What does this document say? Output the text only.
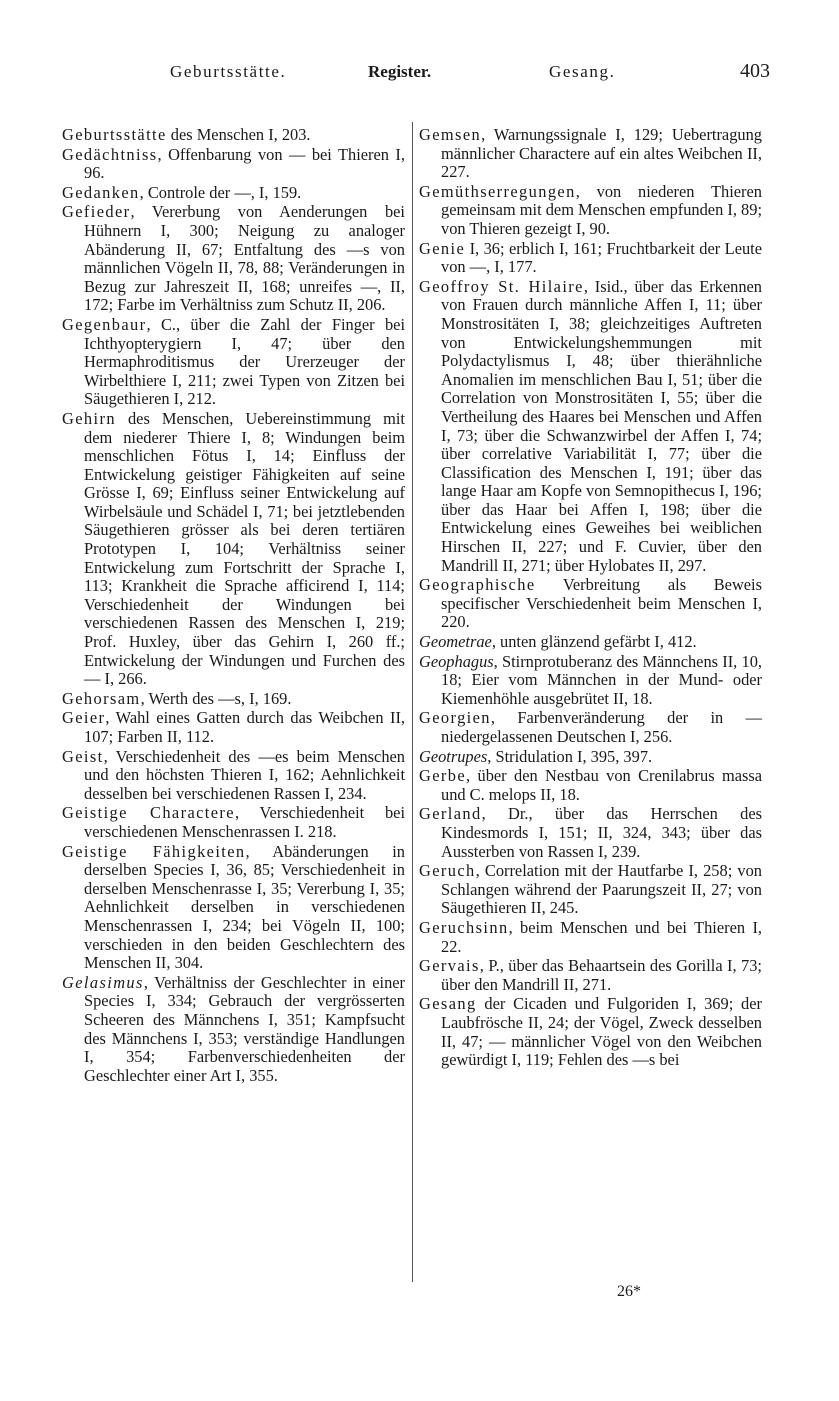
Geburtsstätte.	Register.	Gesang.	403

Geburtsstätte des Menschen I, 203.

Gedächtniss, Offenbarung von — bei Thieren I, 96.

Gedanken, Controle der —, I, 159.

Gefieder, Vererbung von Aenderungen bei Hühnern I, 300; Neigung zu analoger Abänderung II, 67; Entfaltung des —s von männlichen Vögeln II, 78, 88; Veränderungen in Bezug zur Jahreszeit II, 168; unreifes —, II, 172; Farbe im Verhältniss zum Schutz II, 206.

Gegenbaur, C., über die Zahl der Finger bei Ichthyopterygiern I, 47; über den Hermaphroditismus der Urerzeuger der Wirbelthiere I, 211; zwei Typen von Zitzen bei Säugethieren I, 212.

Gehirn des Menschen, Uebereinstimmung mit dem niederer Thiere I, 8; Windungen beim menschlichen Fötus I, 14; Einfluss der Entwickelung geistiger Fähigkeiten auf seine Grösse I, 69; Einfluss seiner Entwickelung auf Wirbelsäule und Schädel I, 71; bei jetztlebenden Säugethieren grösser als bei deren tertiären Prototypen I, 104; Verhältniss seiner Entwickelung zum Fortschritt der Sprache I, 113; Krankheit die Sprache afficirend I, 114; Verschiedenheit der Windungen bei verschiedenen Rassen des Menschen I, 219; Prof. Huxley, über das Gehirn I, 260 ff.; Entwickelung der Windungen und Furchen des — I, 266.

Gehorsam, Werth des —s, I, 169.

Geier, Wahl eines Gatten durch das Weibchen II, 107; Farben II, 112.

Geist, Verschiedenheit des —es beim Menschen und den höchsten Thieren I, 162; Aehnlichkeit desselben bei verschiedenen Rassen I, 234.

Geistige Charactere, Verschiedenheit bei verschiedenen Menschenrassen I. 218.

Geistige Fähigkeiten, Abänderungen in derselben Species I, 36, 85; Verschiedenheit in derselben Menschenrasse I, 35; Vererbung I, 35; Aehnlichkeit derselben in verschiedenen Menschenrassen I, 234; bei Vögeln II, 100; verschieden in den beiden Geschlechtern des Menschen II, 304.

Gelasimus, Verhältniss der Geschlechter in einer Species I, 334; Gebrauch der vergrösserten Scheeren des Männchens I, 351; Kampfsucht des Männchens I, 353; verständige Handlungen I, 354; Farbenverschiedenheiten der Geschlechter einer Art I, 355.

Gemsen, Warnungssignale I, 129; Uebertragung männlicher Charactere auf ein altes Weibchen II, 227.

Gemüthserregungen, von niederen Thieren gemeinsam mit dem Menschen empfunden I, 89; von Thieren gezeigt I, 90.

Genie I, 36; erblich I, 161; Fruchtbarkeit der Leute von —, I, 177.

Geoffroy St. Hilaire, Isid., über das Erkennen von Frauen durch männliche Affen I, 11; über Monstrositäten I, 38; gleichzeitiges Auftreten von Entwickelungshemmungen mit Polydactylismus I, 48; über thierähnliche Anomalien im menschlichen Bau I, 51; über die Correlation von Monstrositäten I, 55; über die Vertheilung des Haares bei Menschen und Affen I, 73; über die Schwanzwirbel der Affen I, 74; über correlative Variabilität I, 77; über die Classification des Menschen I, 191; über das lange Haar am Kopfe von Semnopithecus I, 196; über das Haar bei Affen I, 198; über die Entwickelung eines Geweihes bei weiblichen Hirschen II, 227; und F. Cuvier, über den Mandrill II, 271; über Hylobates II, 297.

Geographische Verbreitung als Beweis specifischer Verschiedenheit beim Menschen I, 220.

Geometrae, unten glänzend gefärbt I, 412.

Geophagus, Stirnprotuberanz des Männchens II, 10, 18; Eier vom Männchen in der Mund- oder Kiemenhöhle ausgebrütet II, 18.

Georgien, Farbenveränderung der in — niedergelassenen Deutschen I, 256.

Geotrupes, Stridulation I, 395, 397.

Gerbe, über den Nestbau von Crenilabrus massa und C. melops II, 18.

Gerland, Dr., über das Herrschen des Kindesmords I, 151; II, 324, 343; über das Aussterben von Rassen I, 239.

Geruch, Correlation mit der Hautfarbe I, 258; von Schlangen während der Paarungszeit II, 27; von Säugethieren II, 245.

Geruchsinn, beim Menschen und bei Thieren I, 22.

Gervais, P., über das Behaartsein des Gorilla I, 73; über den Mandrill II, 271.

Gesang der Cicaden und Fulgoriden I, 369; der Laubfrösche II, 24; der Vögel, Zweck desselben II, 47; — männlicher Vögel von den Weibchen gewürdigt I, 119; Fehlen des —s bei

26*
